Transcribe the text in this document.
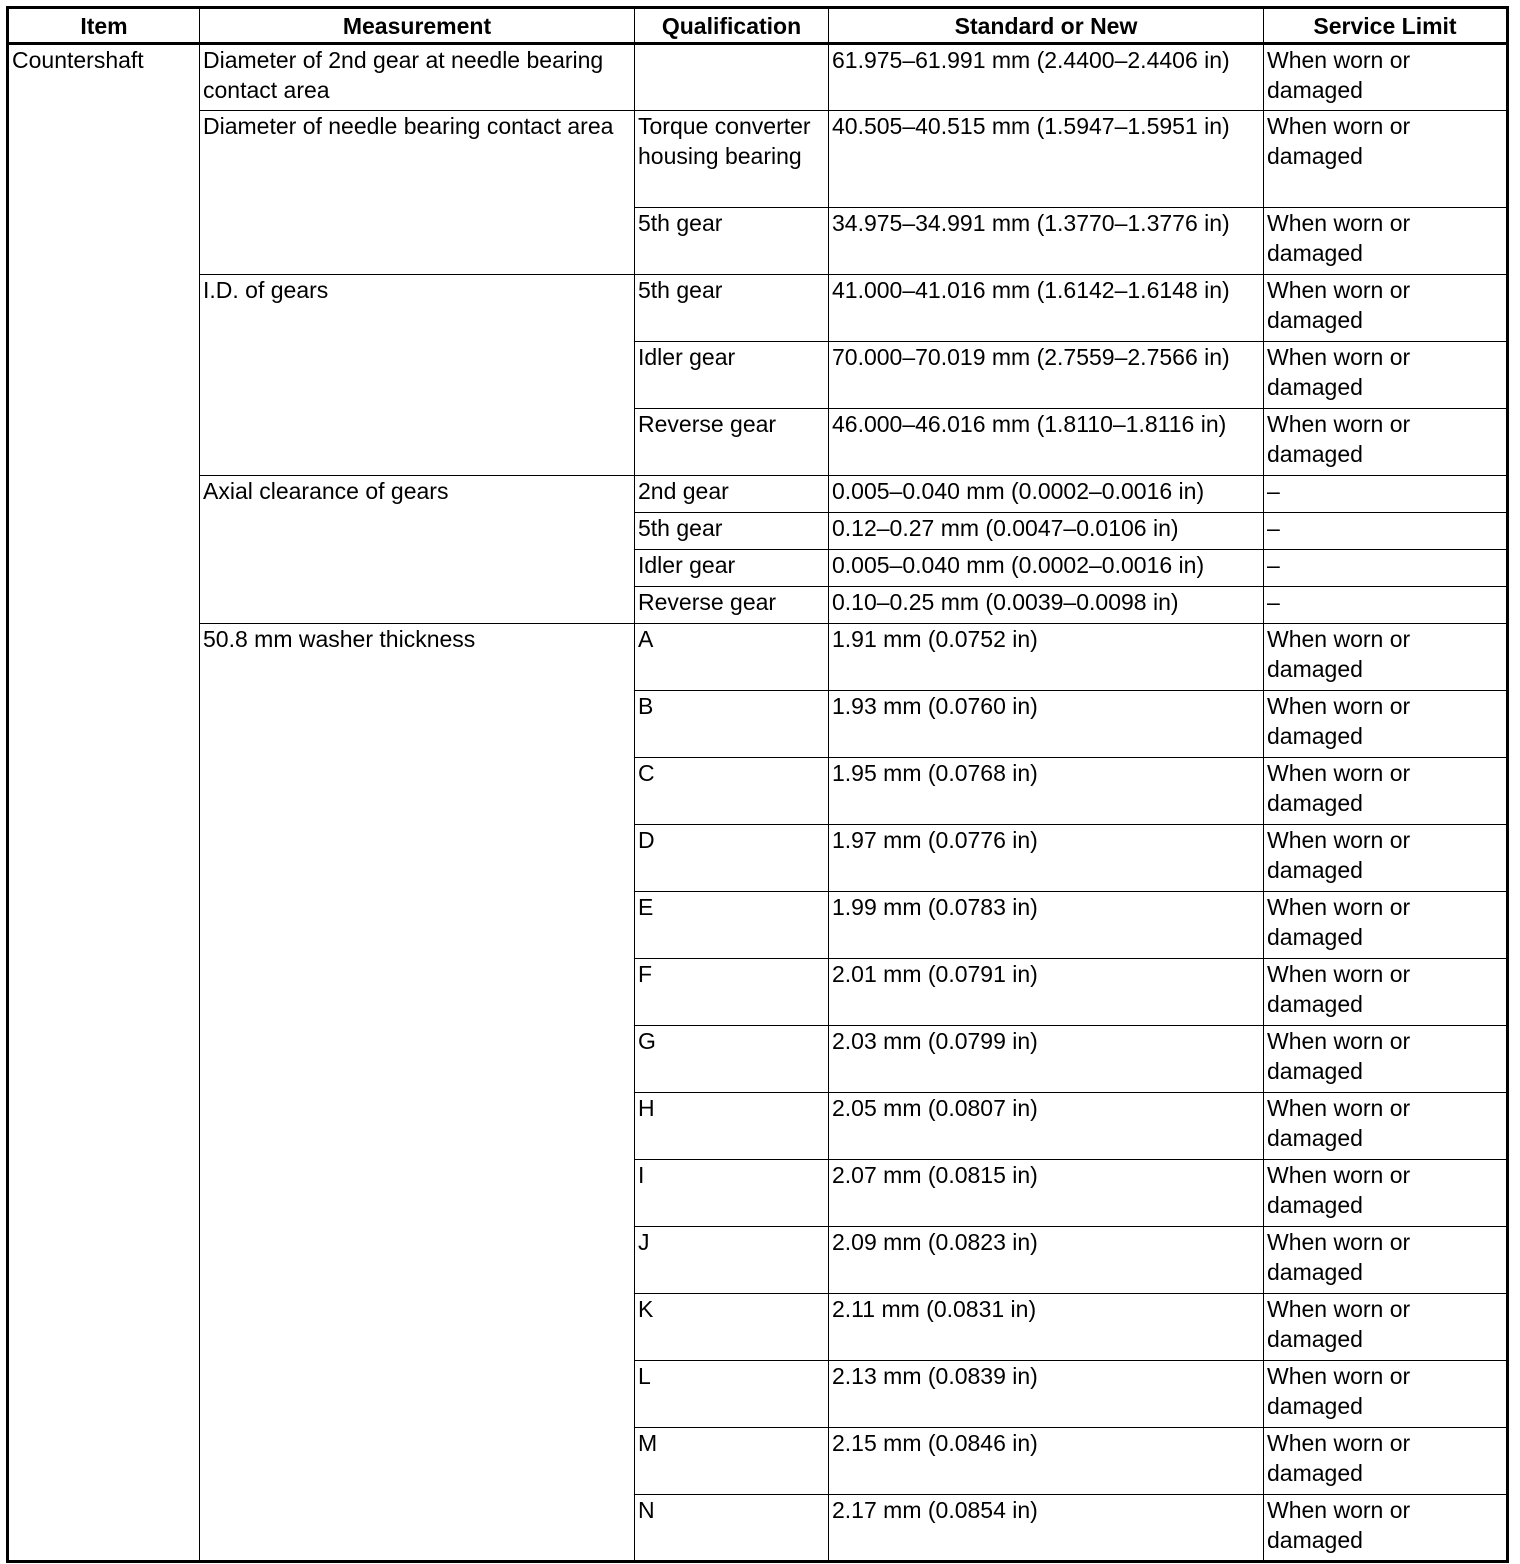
Item	Measurement	Qualification	Standard or New	Service Limit
Countershaft	Diameter of 2nd gear at needle bearing contact area		61.975–61.991 mm (2.4400–2.4406 in)	When worn or damaged
	Diameter of needle bearing contact area	Torque converter housing bearing	40.505–40.515 mm (1.5947–1.5951 in)	When worn or damaged
		5th gear	34.975–34.991 mm (1.3770–1.3776 in)	When worn or damaged
	I.D. of gears	5th gear	41.000–41.016 mm (1.6142–1.6148 in)	When worn or damaged
		Idler gear	70.000–70.019 mm (2.7559–2.7566 in)	When worn or damaged
		Reverse gear	46.000–46.016 mm (1.8110–1.8116 in)	When worn or damaged
	Axial clearance of gears	2nd gear	0.005–0.040 mm (0.0002–0.0016 in)	–
		5th gear	0.12–0.27 mm (0.0047–0.0106 in)	–
		Idler gear	0.005–0.040 mm (0.0002–0.0016 in)	–
		Reverse gear	0.10–0.25 mm (0.0039–0.0098 in)	–
	50.8 mm washer thickness	A	1.91 mm (0.0752 in)	When worn or damaged
		B	1.93 mm (0.0760 in)	When worn or damaged
		C	1.95 mm (0.0768 in)	When worn or damaged
		D	1.97 mm (0.0776 in)	When worn or damaged
		E	1.99 mm (0.0783 in)	When worn or damaged
		F	2.01 mm (0.0791 in)	When worn or damaged
		G	2.03 mm (0.0799 in)	When worn or damaged
		H	2.05 mm (0.0807 in)	When worn or damaged
		I	2.07 mm (0.0815 in)	When worn or damaged
		J	2.09 mm (0.0823 in)	When worn or damaged
		K	2.11 mm (0.0831 in)	When worn or damaged
		L	2.13 mm (0.0839 in)	When worn or damaged
		M	2.15 mm (0.0846 in)	When worn or damaged
		N	2.17 mm (0.0854 in)	When worn or damaged
